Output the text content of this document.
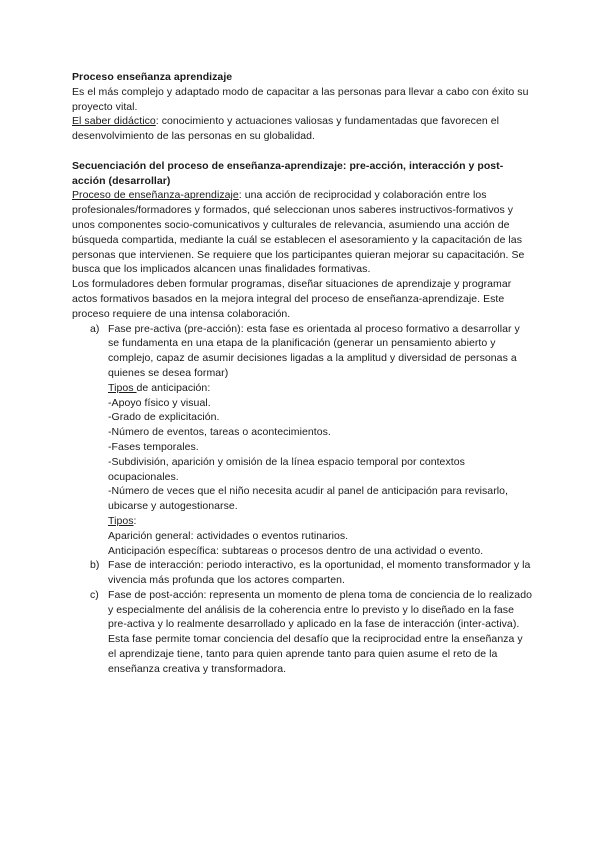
Proceso enseñanza aprendizaje

Es el más complejo y adaptado modo de capacitar a las personas para llevar a cabo con éxito su proyecto vital.

El saber didáctico: conocimiento y actuaciones valiosas y fundamentadas que favorecen el desenvolvimiento de las personas en su globalidad.

Secuenciación del proceso de enseñanza-aprendizaje: pre-acción, interacción y post-acción (desarrollar)

Proceso de enseñanza-aprendizaje: una acción de reciprocidad y colaboración entre los profesionales/formadores y formados, qué seleccionan unos saberes instructivos-formativos y unos componentes socio-comunicativos y culturales de relevancia, asumiendo una acción de búsqueda compartida, mediante la cuál se establecen el asesoramiento y la capacitación de las personas que intervienen. Se requiere que los participantes quieran mejorar su capacitación. Se busca que los implicados alcancen unas finalidades formativas.

Los formuladores deben formular programas, diseñar situaciones de aprendizaje y programar actos formativos basados en la mejora integral del proceso de enseñanza-aprendizaje. Este proceso requiere de una intensa colaboración.

a) Fase pre-activa (pre-acción): esta fase es orientada al proceso formativo a desarrollar y se fundamenta en una etapa de la planificación (generar un pensamiento abierto y complejo, capaz de asumir decisiones ligadas a la amplitud y diversidad de personas a quienes se desea formar)

Tipos de anticipación:

-Apoyo físico y visual.

-Grado de explicitación.

-Número de eventos, tareas o acontecimientos.

-Fases temporales.

-Subdivisión, aparición y omisión de la línea espacio temporal por contextos ocupacionales.

-Número de veces que el niño necesita acudir al panel de anticipación para revisarlo, ubicarse y autogestionarse.

Tipos:

Aparición general: actividades o eventos rutinarios.

Anticipación específica: subtareas o procesos dentro de una actividad o evento.

b) Fase de interacción: periodo interactivo, es la oportunidad, el momento transformador y la vivencia más profunda que los actores comparten.

c) Fase de post-acción: representa un momento de plena toma de conciencia de lo realizado y especialmente del análisis de la coherencia entre lo previsto y lo diseñado en la fase pre-activa y lo realmente desarrollado y aplicado en la fase de interacción (inter-activa). Esta fase permite tomar conciencia del desafío que la reciprocidad entre la enseñanza y el aprendizaje tiene, tanto para quien aprende tanto para quien asume el reto de la enseñanza creativa y transformadora.
